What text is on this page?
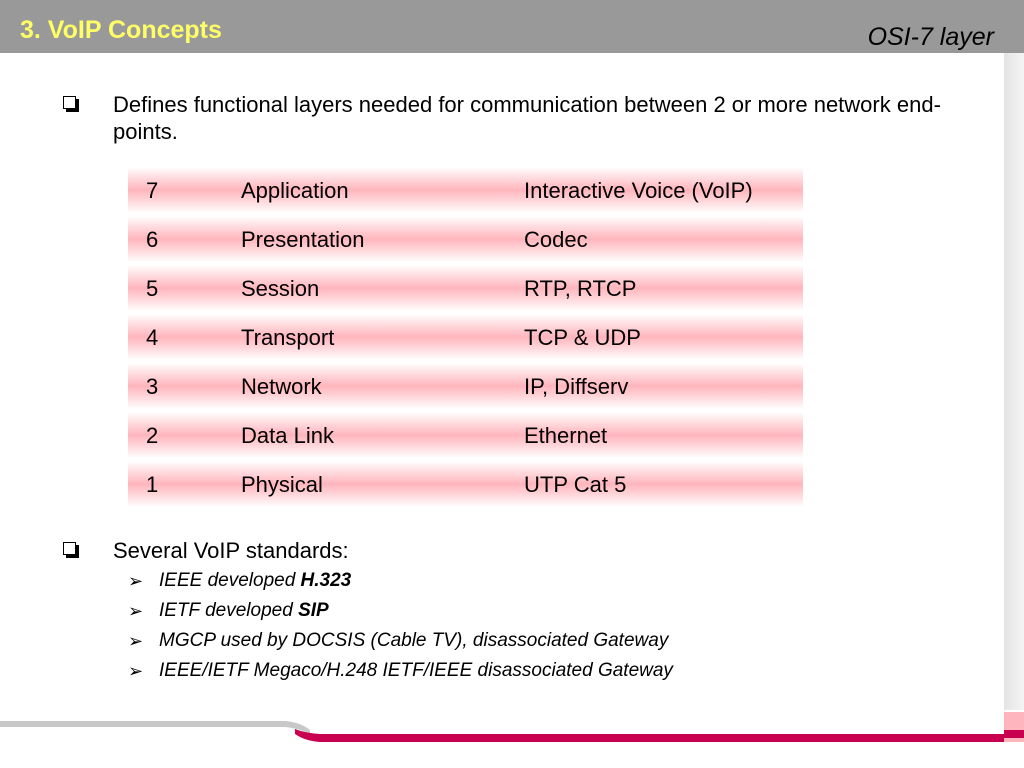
3. VoIP Concepts	OSI-7 layer
Defines functional layers needed for communication between 2 or more network end-points.
7	Application	Interactive Voice (VoIP)
6	Presentation	Codec
5	Session	RTP, RTCP
4	Transport	TCP & UDP
3	Network	IP, Diffserv
2	Data Link	Ethernet
1	Physical	UTP Cat 5
Several VoIP standards:
➢ IEEE developed H.323
➢ IETF developed SIP
➢ MGCP used by DOCSIS (Cable TV), disassociated Gateway
➢ IEEE/IETF Megaco/H.248 IETF/IEEE disassociated Gateway
